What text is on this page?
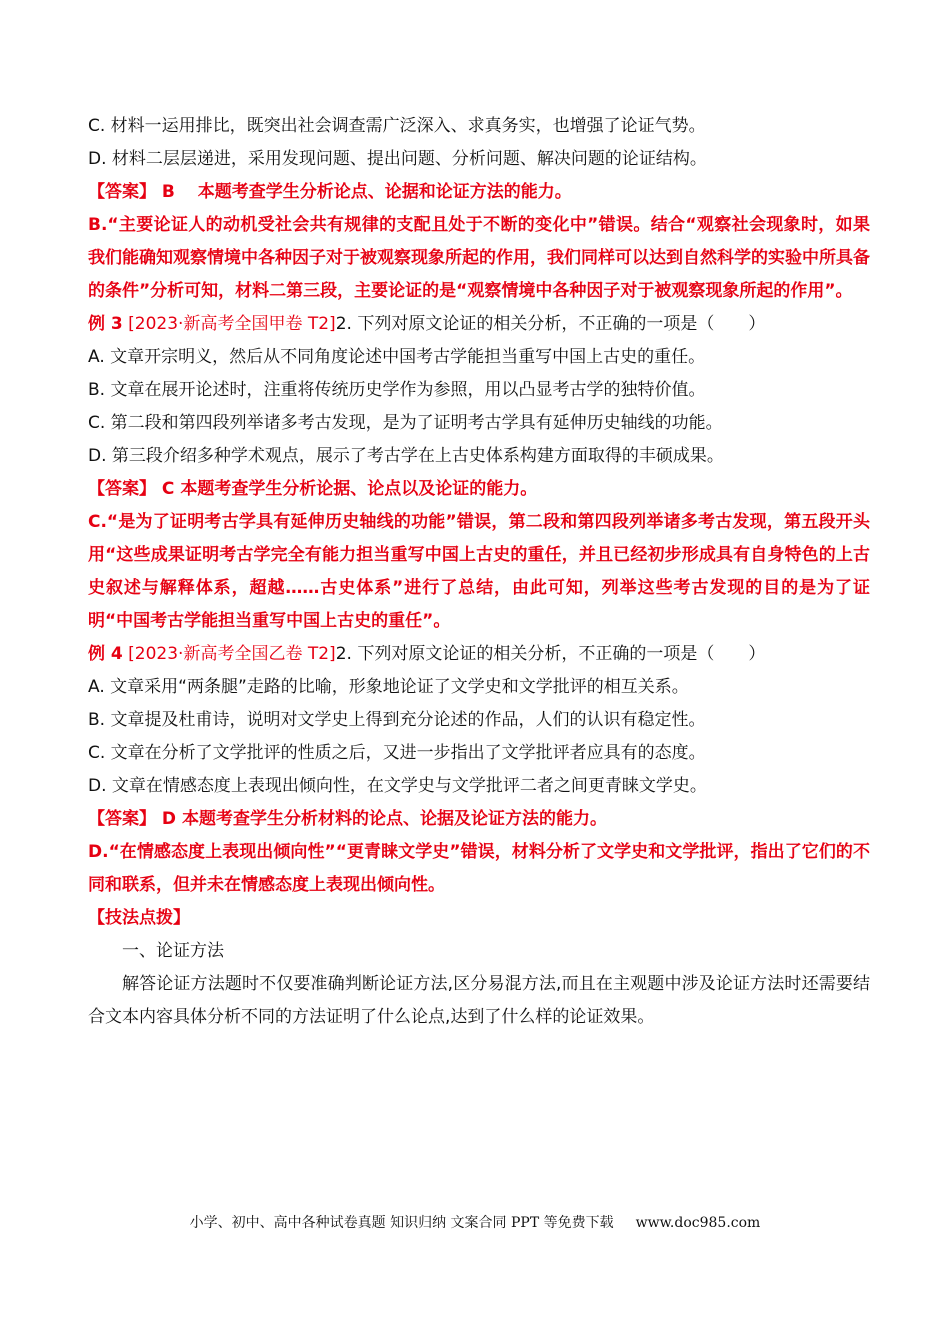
C. 材料一运用排比，既突出社会调查需广泛深入、求真务实，也增强了论证气势。

D. 材料二层层递进，采用发现问题、提出问题、分析问题、解决问题的论证结构。

【答案】 B　 本题考查学生分析论点、论据和论证方法的能力。

B.“主要论证人的动机受社会共有规律的支配且处于不断的变化中”错误。结合“观察社会现象时，如果我们能确知观察情境中各种因子对于被观察现象所起的作用，我们同样可以达到自然科学的实验中所具备的条件”分析可知，材料二第三段，主要论证的是“观察情境中各种因子对于被观察现象所起的作用”。

例 3 [2023·新高考全国甲卷 T2]2. 下列对原文论证的相关分析，不正确的一项是（　　）

A. 文章开宗明义，然后从不同角度论述中国考古学能担当重写中国上古史的重任。

B. 文章在展开论述时，注重将传统历史学作为参照，用以凸显考古学的独特价值。

C. 第二段和第四段列举诸多考古发现，是为了证明考古学具有延伸历史轴线的功能。

D. 第三段介绍多种学术观点，展示了考古学在上古史体系构建方面取得的丰硕成果。

【答案】 C 本题考查学生分析论据、论点以及论证的能力。

C.“是为了证明考古学具有延伸历史轴线的功能”错误，第二段和第四段列举诸多考古发现，第五段开头用“这些成果证明考古学完全有能力担当重写中国上古史的重任，并且已经初步形成具有自身特色的上古史叙述与解释体系，超越……古史体系”进行了总结，由此可知，列举这些考古发现的目的是为了证明“中国考古学能担当重写中国上古史的重任”。

例 4 [2023·新高考全国乙卷 T2]2. 下列对原文论证的相关分析，不正确的一项是（　　）

A. 文章采用“两条腿”走路的比喻，形象地论证了文学史和文学批评的相互关系。

B. 文章提及杜甫诗，说明对文学史上得到充分论述的作品，人们的认识有稳定性。

C. 文章在分析了文学批评的性质之后，又进一步指出了文学批评者应具有的态度。

D. 文章在情感态度上表现出倾向性，在文学史与文学批评二者之间更青睐文学史。

【答案】 D 本题考查学生分析材料的论点、论据及论证方法的能力。

D.“在情感态度上表现出倾向性”“更青睐文学史”错误，材料分析了文学史和文学批评，指出了它们的不同和联系，但并未在情感态度上表现出倾向性。

【技法点拨】

一、论证方法

解答论证方法题时不仅要准确判断论证方法,区分易混方法,而且在主观题中涉及论证方法时还需要结合文本内容具体分析不同的方法证明了什么论点,达到了什么样的论证效果。

小学、初中、高中各种试卷真题 知识归纳 文案合同 PPT 等免费下载 www.doc985.com
